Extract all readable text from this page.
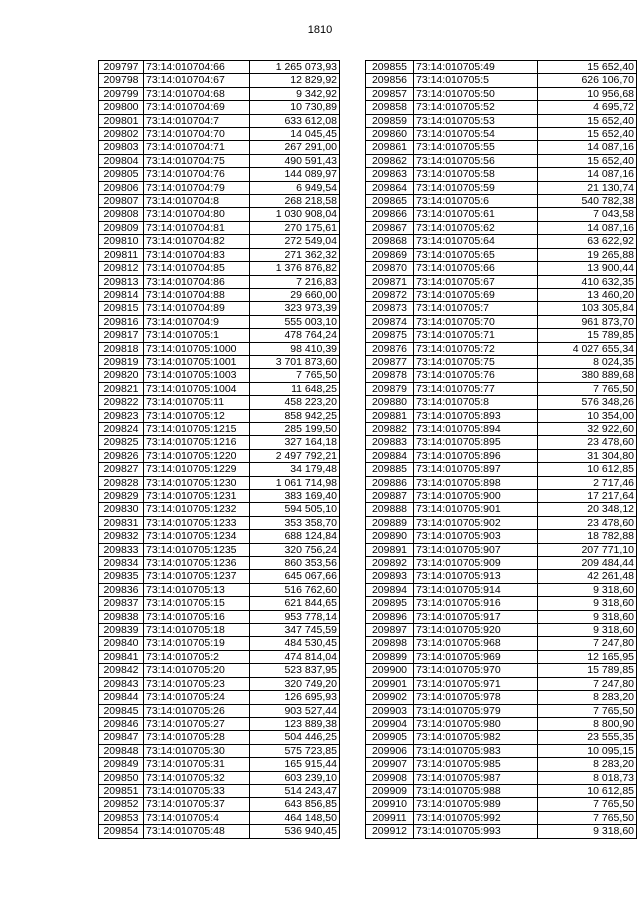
1810
209797	73:14:010704:66	1 265 073,93
209798	73:14:010704:67	12 829,92
209799	73:14:010704:68	9 342,92
209800	73:14:010704:69	10 730,89
209801	73:14:010704:7	633 612,08
209802	73:14:010704:70	14 045,45
209803	73:14:010704:71	267 291,00
209804	73:14:010704:75	490 591,43
209805	73:14:010704:76	144 089,97
209806	73:14:010704:79	6 949,54
209807	73:14:010704:8	268 218,58
209808	73:14:010704:80	1 030 908,04
209809	73:14:010704:81	270 175,61
209810	73:14:010704:82	272 549,04
209811	73:14:010704:83	271 362,32
209812	73:14:010704:85	1 376 876,82
209813	73:14:010704:86	7 216,83
209814	73:14:010704:88	29 660,00
209815	73:14:010704:89	323 973,39
209816	73:14:010704:9	555 003,10
209817	73:14:010705:1	478 764,24
209818	73:14:010705:1000	98 410,39
209819	73:14:010705:1001	3 701 873,60
209820	73:14:010705:1003	7 765,50
209821	73:14:010705:1004	11 648,25
209822	73:14:010705:11	458 223,20
209823	73:14:010705:12	858 942,25
209824	73:14:010705:1215	285 199,50
209825	73:14:010705:1216	327 164,18
209826	73:14:010705:1220	2 497 792,21
209827	73:14:010705:1229	34 179,48
209828	73:14:010705:1230	1 061 714,98
209829	73:14:010705:1231	383 169,40
209830	73:14:010705:1232	594 505,10
209831	73:14:010705:1233	353 358,70
209832	73:14:010705:1234	688 124,84
209833	73:14:010705:1235	320 756,24
209834	73:14:010705:1236	860 353,56
209835	73:14:010705:1237	645 067,66
209836	73:14:010705:13	516 762,60
209837	73:14:010705:15	621 844,65
209838	73:14:010705:16	953 778,14
209839	73:14:010705:18	347 745,59
209840	73:14:010705:19	484 530,45
209841	73:14:010705:2	474 814,04
209842	73:14:010705:20	523 837,95
209843	73:14:010705:23	320 749,20
209844	73:14:010705:24	126 695,93
209845	73:14:010705:26	903 527,44
209846	73:14:010705:27	123 889,38
209847	73:14:010705:28	504 446,25
209848	73:14:010705:30	575 723,85
209849	73:14:010705:31	165 915,44
209850	73:14:010705:32	603 239,10
209851	73:14:010705:33	514 243,47
209852	73:14:010705:37	643 856,85
209853	73:14:010705:4	464 148,50
209854	73:14:010705:48	536 940,45
209855	73:14:010705:49	15 652,40
209856	73:14:010705:5	626 106,70
209857	73:14:010705:50	10 956,68
209858	73:14:010705:52	4 695,72
209859	73:14:010705:53	15 652,40
209860	73:14:010705:54	15 652,40
209861	73:14:010705:55	14 087,16
209862	73:14:010705:56	15 652,40
209863	73:14:010705:58	14 087,16
209864	73:14:010705:59	21 130,74
209865	73:14:010705:6	540 782,38
209866	73:14:010705:61	7 043,58
209867	73:14:010705:62	14 087,16
209868	73:14:010705:64	63 622,92
209869	73:14:010705:65	19 265,88
209870	73:14:010705:66	13 900,44
209871	73:14:010705:67	410 632,35
209872	73:14:010705:69	13 460,20
209873	73:14:010705:7	103 305,84
209874	73:14:010705:70	961 873,70
209875	73:14:010705:71	15 789,85
209876	73:14:010705:72	4 027 655,34
209877	73:14:010705:75	8 024,35
209878	73:14:010705:76	380 889,68
209879	73:14:010705:77	7 765,50
209880	73:14:010705:8	576 348,26
209881	73:14:010705:893	10 354,00
209882	73:14:010705:894	32 922,60
209883	73:14:010705:895	23 478,60
209884	73:14:010705:896	31 304,80
209885	73:14:010705:897	10 612,85
209886	73:14:010705:898	2 717,46
209887	73:14:010705:900	17 217,64
209888	73:14:010705:901	20 348,12
209889	73:14:010705:902	23 478,60
209890	73:14:010705:903	18 782,88
209891	73:14:010705:907	207 771,10
209892	73:14:010705:909	209 484,44
209893	73:14:010705:913	42 261,48
209894	73:14:010705:914	9 318,60
209895	73:14:010705:916	9 318,60
209896	73:14:010705:917	9 318,60
209897	73:14:010705:920	9 318,60
209898	73:14:010705:968	7 247,80
209899	73:14:010705:969	12 165,95
209900	73:14:010705:970	15 789,85
209901	73:14:010705:971	7 247,80
209902	73:14:010705:978	8 283,20
209903	73:14:010705:979	7 765,50
209904	73:14:010705:980	8 800,90
209905	73:14:010705:982	23 555,35
209906	73:14:010705:983	10 095,15
209907	73:14:010705:985	8 283,20
209908	73:14:010705:987	8 018,73
209909	73:14:010705:988	10 612,85
209910	73:14:010705:989	7 765,50
209911	73:14:010705:992	7 765,50
209912	73:14:010705:993	9 318,60
